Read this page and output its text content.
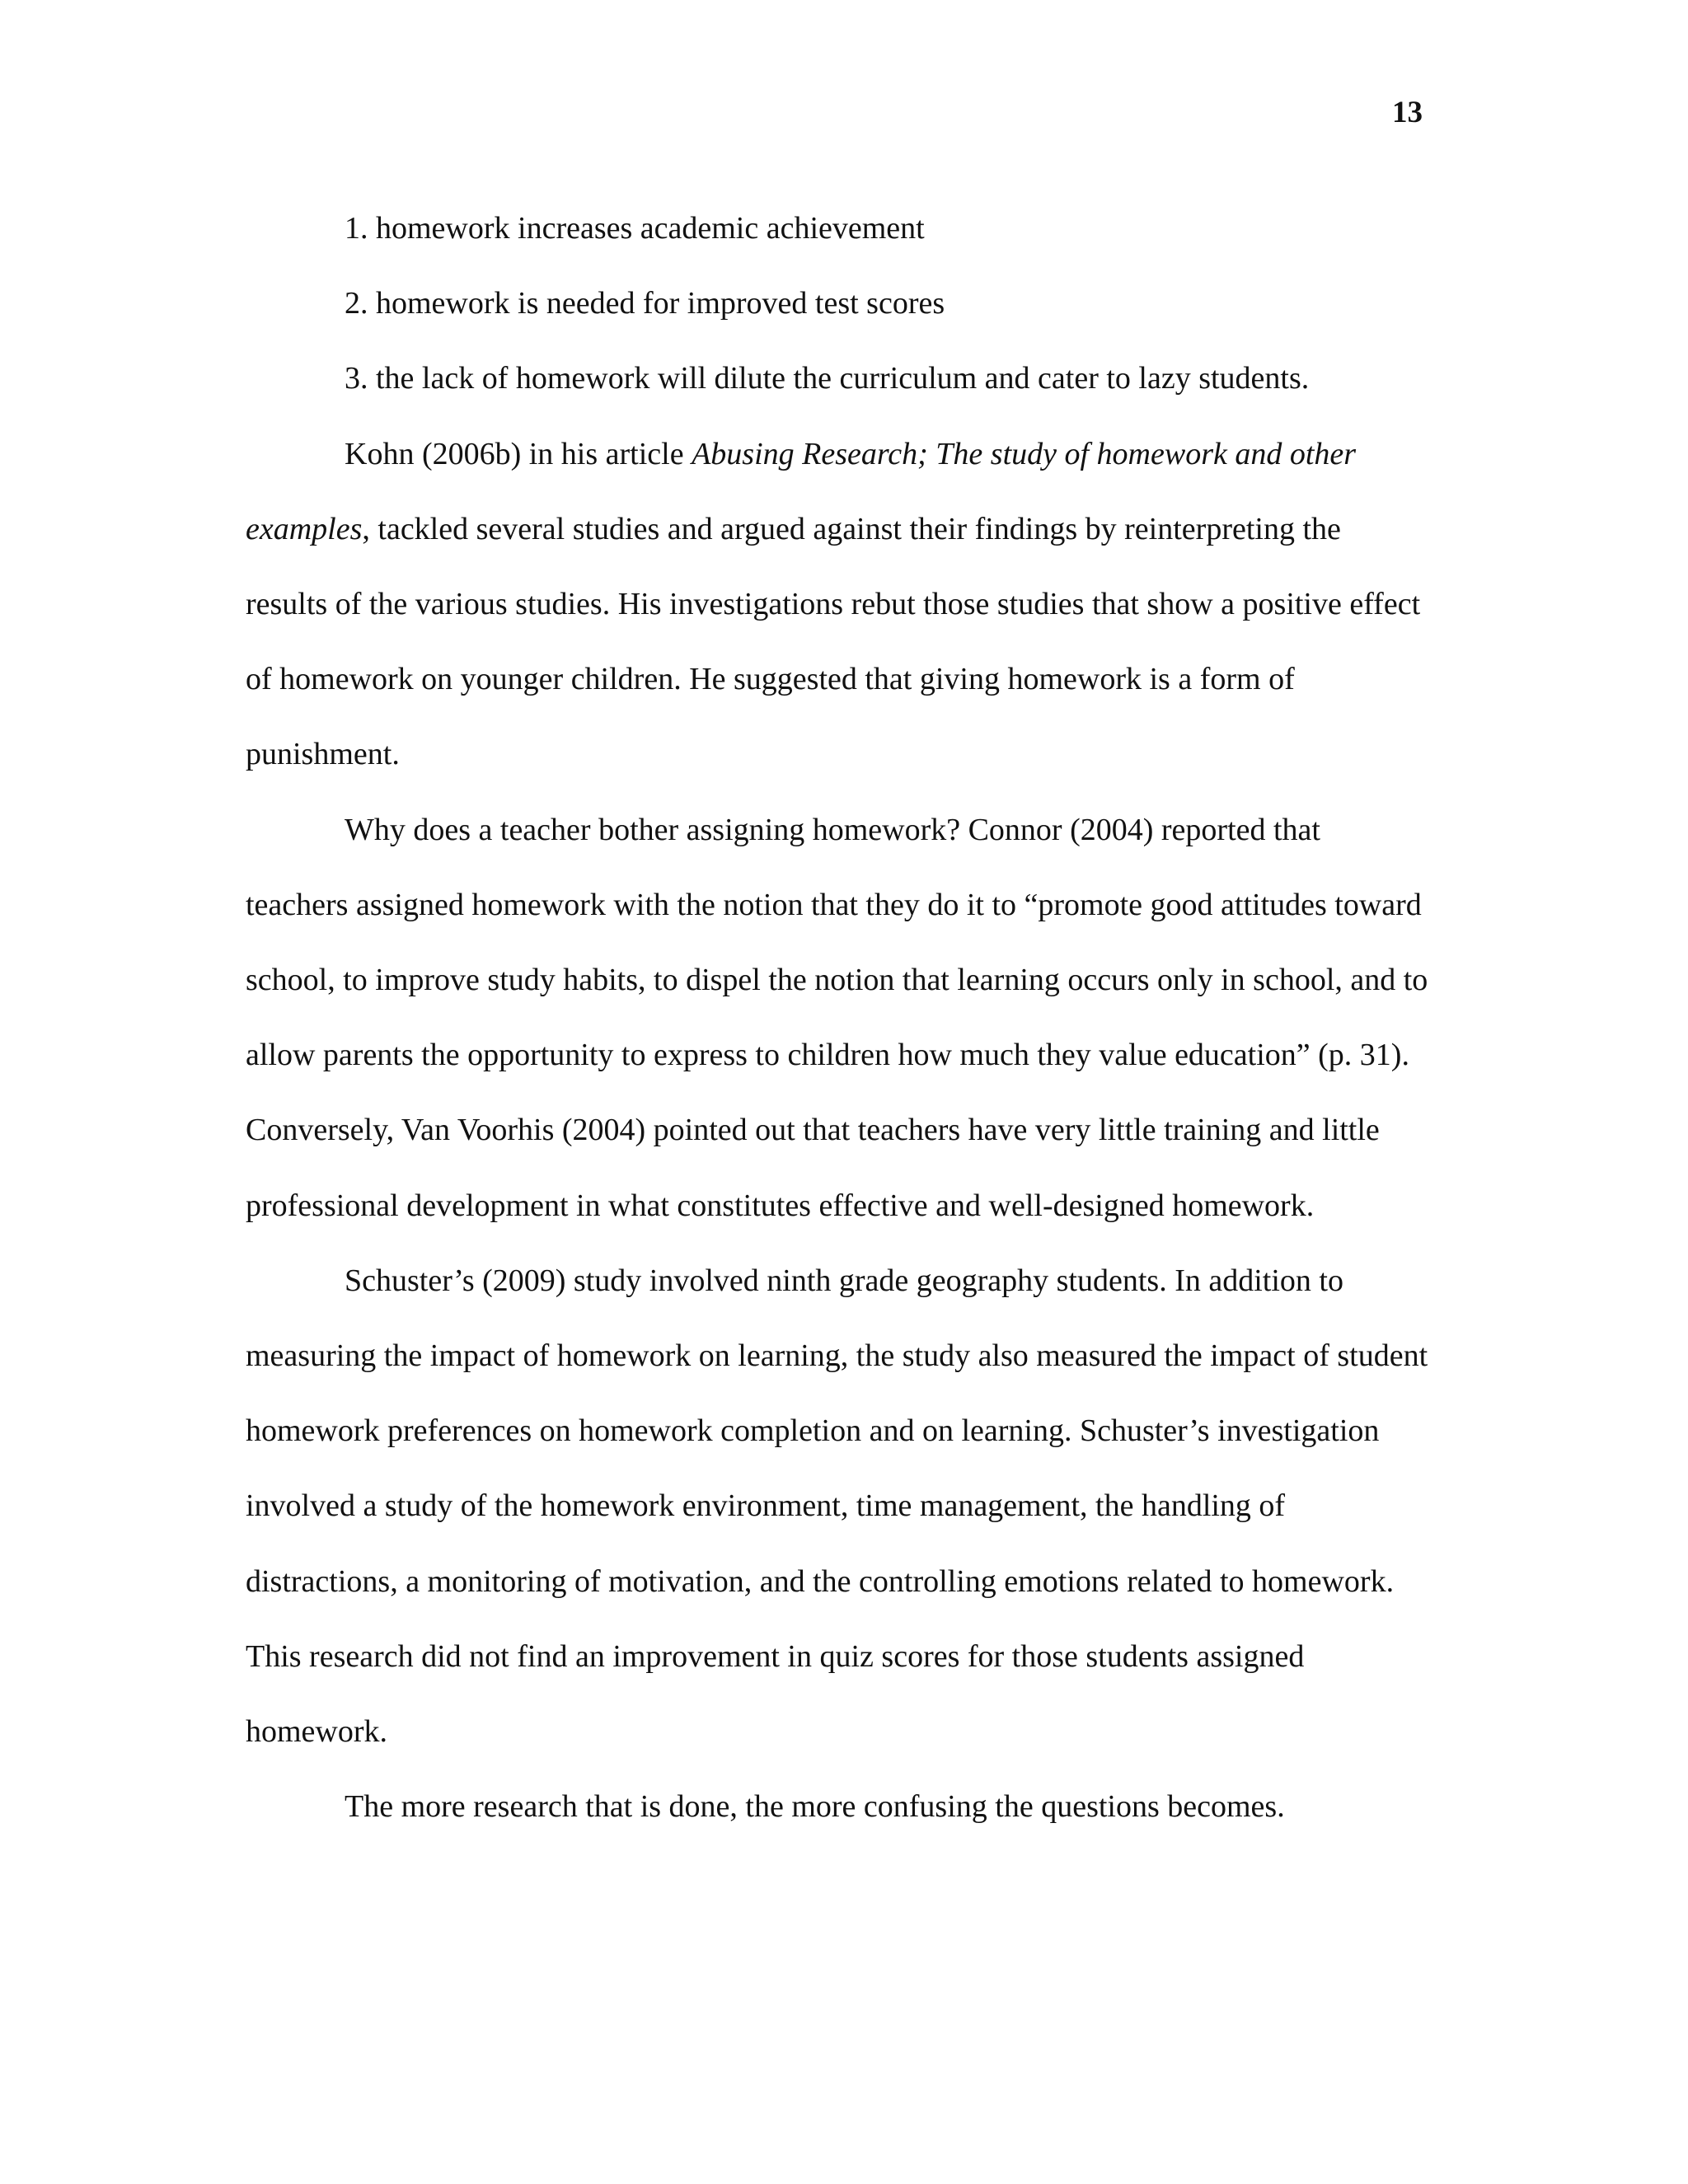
13

1. homework increases academic achievement

2. homework is needed for improved test scores

3. the lack of homework will dilute the curriculum and cater to lazy students.

Kohn (2006b) in his article Abusing Research; The study of homework and other examples, tackled several studies and argued against their findings by reinterpreting the results of the various studies. His investigations rebut those studies that show a positive effect of homework on younger children. He suggested that giving homework is a form of punishment.

Why does a teacher bother assigning homework? Connor (2004) reported that teachers assigned homework with the notion that they do it to “promote good attitudes toward school, to improve study habits, to dispel the notion that learning occurs only in school, and to allow parents the opportunity to express to children how much they value education” (p. 31). Conversely, Van Voorhis (2004) pointed out that teachers have very little training and little professional development in what constitutes effective and well-designed homework.

Schuster’s (2009) study involved ninth grade geography students. In addition to measuring the impact of homework on learning, the study also measured the impact of student homework preferences on homework completion and on learning. Schuster’s investigation involved a study of the homework environment, time management, the handling of distractions, a monitoring of motivation, and the controlling emotions related to homework. This research did not find an improvement in quiz scores for those students assigned homework.

The more research that is done, the more confusing the questions becomes.
